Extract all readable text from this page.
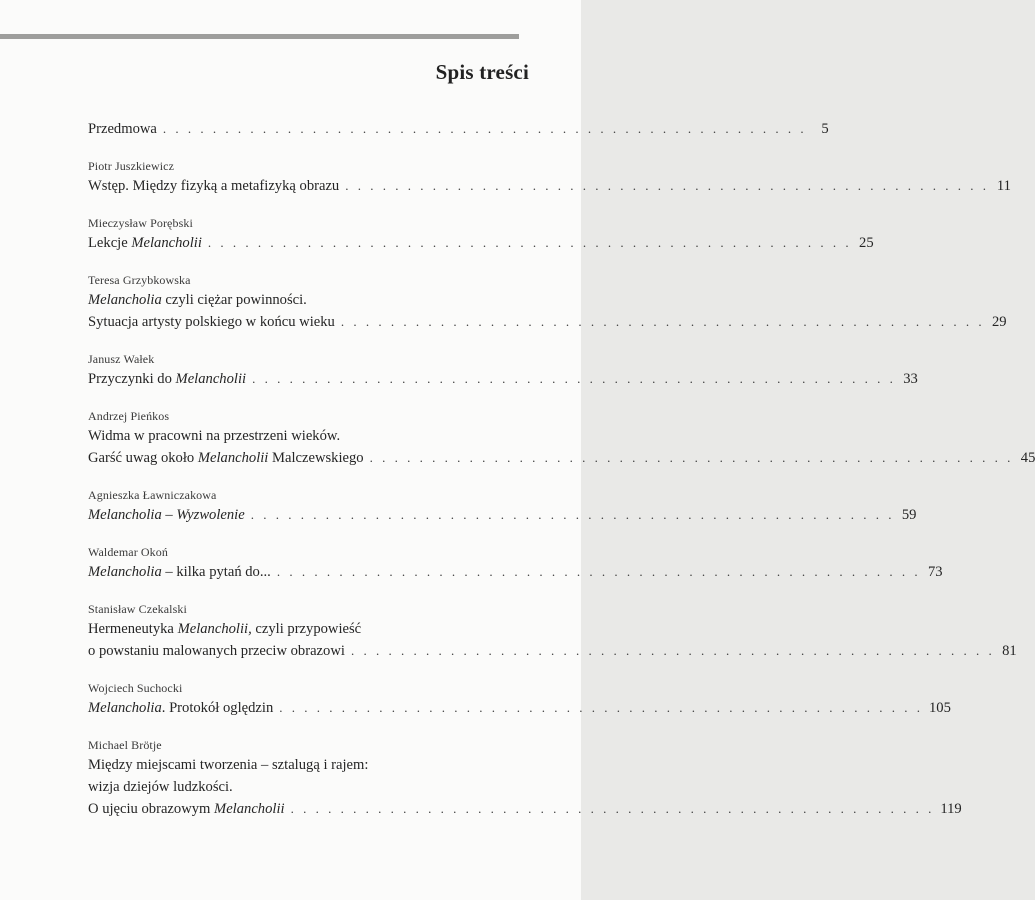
Spis treści
Przedmowa . . . . . . . . . . . . . . . . . . . . . . . . . . . . . . . . . . . . . . . . . . . . . . . . . . . .	5
Piotr Juszkiewicz
Wstęp. Między fizyką a metafizyką obrazu . . . . . . . . . . . . . . . . . . . . . . . . . . . . . . . . . . . . . . . . . . . . . . . . . . . . 11
Mieczysław Porębski
Lekcje Melancholii . . . . . . . . . . . . . . . . . . . . . . . . . . . . . . . . . . . . . . . . . . . . . . . . . . . . 25
Teresa Grzybkowska
Melancholia czyli ciężar powinności.
Sytuacja artysty polskiego w końcu wieku . . . . . . . . . . . . . . . . . . . . . . . . . . . . . . . . . . . . . . . . . . . . . . . . . . . . 29
Janusz Wałek
Przyczynki do Melancholii . . . . . . . . . . . . . . . . . . . . . . . . . . . . . . . . . . . . . . . . . . . . . . . . . . . . 33
Andrzej Pieńkos
Widma w pracowni na przestrzeni wieków.
Garść uwag około Melancholii Malczewskiego . . . . . . . . . . . . . . . . . . . . . . . . . . . . . . . . . . . . . . . . . . . . . . . . . . . . 45
Agnieszka Ławniczakowa
Melancholia – Wyzwolenie . . . . . . . . . . . . . . . . . . . . . . . . . . . . . . . . . . . . . . . . . . . . . . . . . . . . 59
Waldemar Okoń
Melancholia – kilka pytań do... . . . . . . . . . . . . . . . . . . . . . . . . . . . . . . . . . . . . . . . . . . . . . . . . . . . . 73
Stanisław Czekalski
Hermeneutyka Melancholii, czyli przypowieść
o powstaniu malowanych przeciw obrazowi . . . . . . . . . . . . . . . . . . . . . . . . . . . . . . . . . . . . . . . . . . . . . . . . . . . . 81
Wojciech Suchocki
Melancholia. Protokół oględzin . . . . . . . . . . . . . . . . . . . . . . . . . . . . . . . . . . . . . . . . . . . . . . . . . . . . 105
Michael Brötje
Między miejscami tworzenia – sztalugą i rajem:
wizja dziejów ludzkości.
O ujęciu obrazowym Melancholii . . . . . . . . . . . . . . . . . . . . . . . . . . . . . . . . . . . . . . . . . . . . . . . . . . . . 119
